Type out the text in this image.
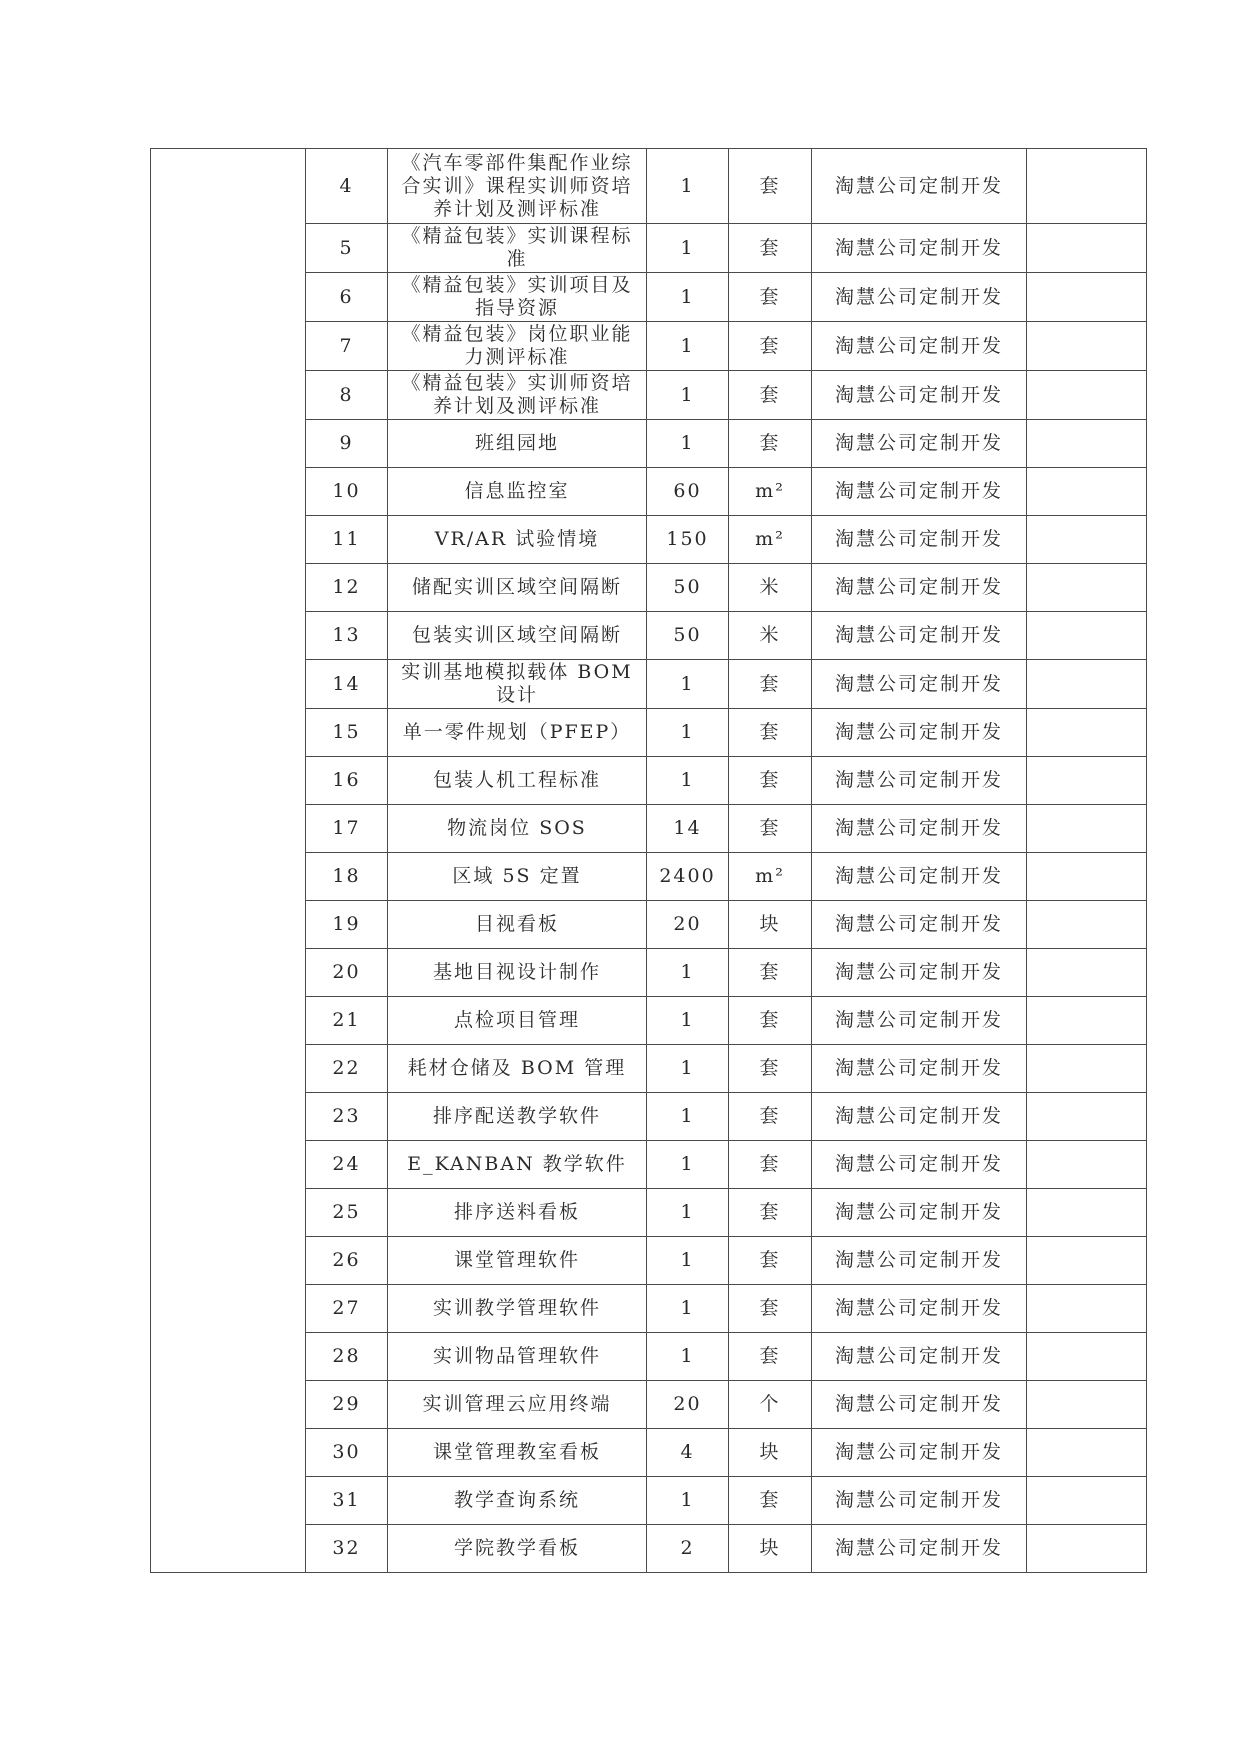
	4	《汽车零部件集配作业综合实训》课程实训师资培养计划及测评标准	1	套	淘慧公司定制开发	
	5	《精益包装》实训课程标准	1	套	淘慧公司定制开发	
	6	《精益包装》实训项目及指导资源	1	套	淘慧公司定制开发	
	7	《精益包装》岗位职业能力测评标准	1	套	淘慧公司定制开发	
	8	《精益包装》实训师资培养计划及测评标准	1	套	淘慧公司定制开发	
	9	班组园地	1	套	淘慧公司定制开发	
	10	信息监控室	60	m²	淘慧公司定制开发	
	11	VR/AR 试验情境	150	m²	淘慧公司定制开发	
	12	储配实训区域空间隔断	50	米	淘慧公司定制开发	
	13	包装实训区域空间隔断	50	米	淘慧公司定制开发	
	14	实训基地模拟载体 BOM 设计	1	套	淘慧公司定制开发	
	15	单一零件规划（PFEP）	1	套	淘慧公司定制开发	
	16	包装人机工程标准	1	套	淘慧公司定制开发	
	17	物流岗位 SOS	14	套	淘慧公司定制开发	
	18	区域 5S 定置	2400	m²	淘慧公司定制开发	
	19	目视看板	20	块	淘慧公司定制开发	
	20	基地目视设计制作	1	套	淘慧公司定制开发	
	21	点检项目管理	1	套	淘慧公司定制开发	
	22	耗材仓储及 BOM 管理	1	套	淘慧公司定制开发	
	23	排序配送教学软件	1	套	淘慧公司定制开发	
	24	E_KANBAN 教学软件	1	套	淘慧公司定制开发	
	25	排序送料看板	1	套	淘慧公司定制开发	
	26	课堂管理软件	1	套	淘慧公司定制开发	
	27	实训教学管理软件	1	套	淘慧公司定制开发	
	28	实训物品管理软件	1	套	淘慧公司定制开发	
	29	实训管理云应用终端	20	个	淘慧公司定制开发	
	30	课堂管理教室看板	4	块	淘慧公司定制开发	
	31	教学查询系统	1	套	淘慧公司定制开发	
	32	学院教学看板	2	块	淘慧公司定制开发	
